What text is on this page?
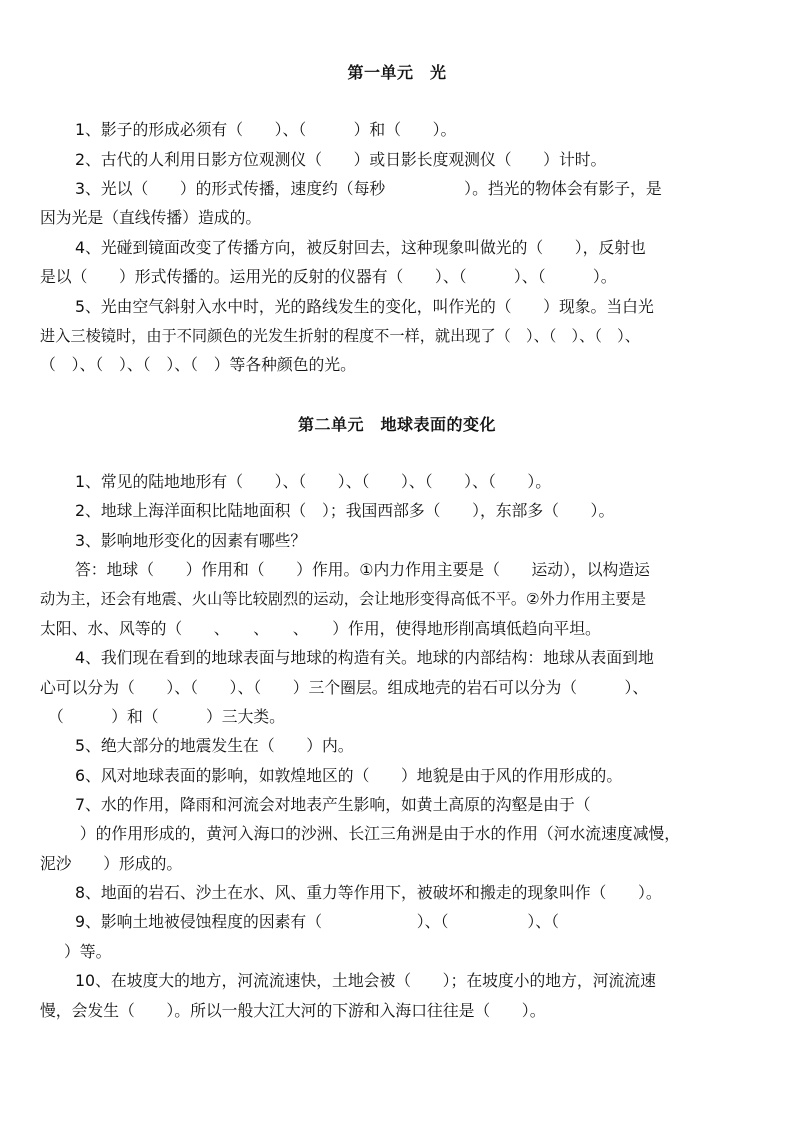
第一单元　光

1、影子的形成必须有（　　）、（　　　）和（　　）。

2、古代的人利用日影方位观测仪（　　）或日影长度观测仪（　　）计时。

3、光以（　　）的形式传播，速度约（每秒　　　　　）。挡光的物体会有影子，是

因为光是（直线传播）造成的。

4、光碰到镜面改变了传播方向，被反射回去，这种现象叫做光的（　　），反射也

是以（　　）形式传播的。运用光的反射的仪器有（　　）、（　　　）、（　　　）。

5、光由空气斜射入水中时，光的路线发生的变化，叫作光的（　　）现象。当白光

进入三棱镜时，由于不同颜色的光发生折射的程度不一样，就出现了（　）、（　）、（　）、

（　）、（　）、（　）、（　）等各种颜色的光。

第二单元　地球表面的变化

1、常见的陆地地形有（　　）、（　　）、（　　）、（　　）、（　　）。

2、地球上海洋面积比陆地面积（　）；我国西部多（　　），东部多（　　）。

3、影响地形变化的因素有哪些？

答：地球（　　）作用和（　　）作用。①内力作用主要是（　　运动），以构造运

动为主，还会有地震、火山等比较剧烈的运动，会让地形变得高低不平。②外力作用主要是

太阳、水、风等的（　　、　　、　　、　　）作用，使得地形削高填低趋向平坦。

4、我们现在看到的地球表面与地球的构造有关。地球的内部结构：地球从表面到地

心可以分为（　　）、（　　）、（　　）三个圈层。组成地壳的岩石可以分为（　　　）、

（　　　）和（　　　）三大类。

5、绝大部分的地震发生在（　　）内。

6、风对地球表面的影响，如敦煌地区的（　　）地貌是由于风的作用形成的。

7、水的作用，降雨和河流会对地表产生影响，如黄土高原的沟壑是由于（

　）的作用形成的，黄河入海口的沙洲、长江三角洲是由于水的作用（河水流速度减慢，

泥沙　　）形成的。

8、地面的岩石、沙土在水、风、重力等作用下，被破坏和搬走的现象叫作（　　）。

9、影响土地被侵蚀程度的因素有（　　　　　　）、（　　　　　）、（

）等。

10、在坡度大的地方，河流流速快，土地会被（　　）；在坡度小的地方，河流流速

慢，会发生（　　）。所以一般大江大河的下游和入海口往往是（　　）。
